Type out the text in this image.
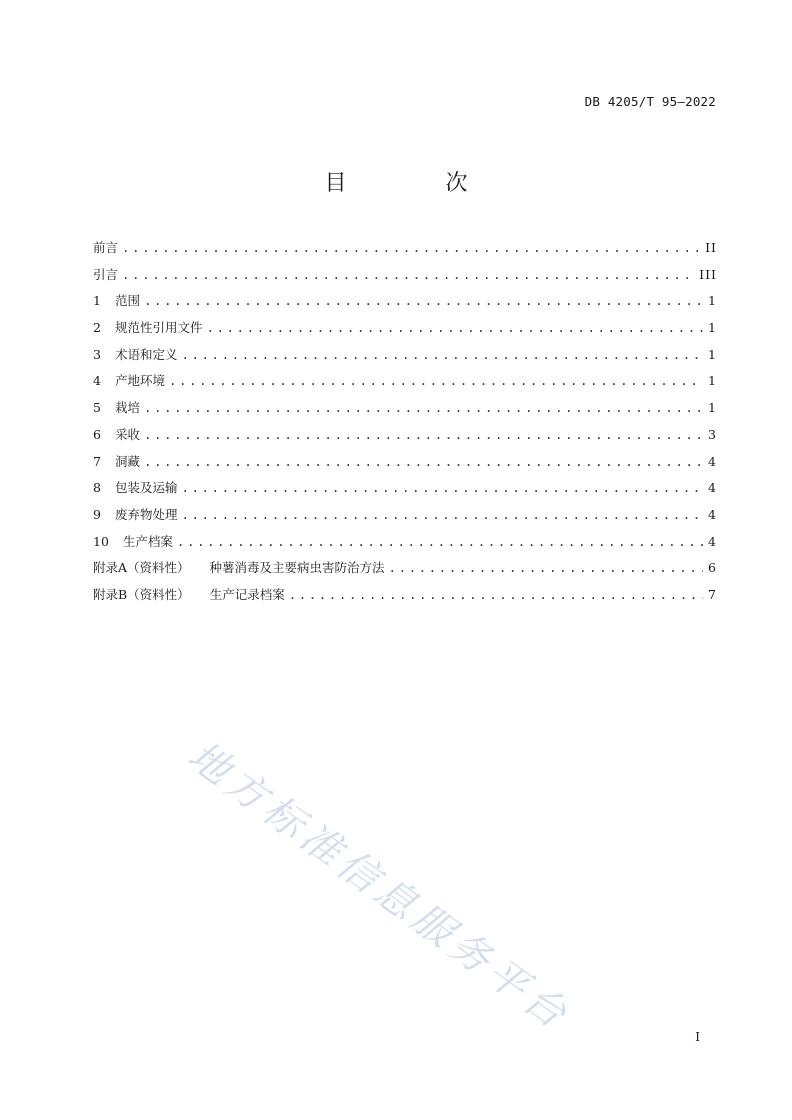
DB 4205/T 95—2022
目 次
前言 .....	II
引言 .....	III
1 范围 .....	1
2 规范性引用文件 .....	1
3 术语和定义 .....	1
4 产地环境 .....	1
5 栽培 .....	1
6 采收 .....	3
7 洞藏 .....	4
8 包装及运输 .....	4
9 废弃物处理 .....	4
10 生产档案 .....	4
附录A（资料性） 种薯消毒及主要病虫害防治方法 .....	6
附录B（资料性） 生产记录档案 .....	7
地方标准信息服务平台	I
